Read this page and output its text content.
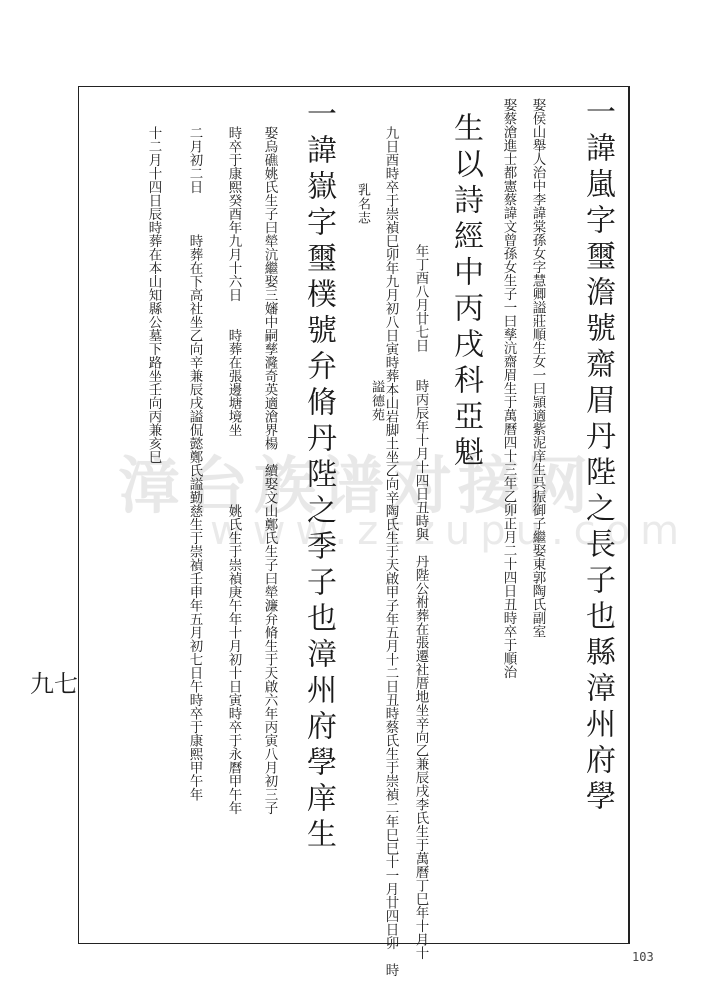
漳台族谱对接网
www.ztzupu.com
一諱嵐字璽澹號齋眉丹陛之長子也縣漳州府學
娶侯山舉人治中李諱棠孫女字慧卿謚莊順生女一曰頴適紫泥庠生呉振御子繼娶東郭陶氏副室
娶蔡滄進士都憲蔡諱文曾孫女生子一曰孳沆齋眉生于萬曆四十三年乙卯正月二十四日丑時卒于順治
生以詩經中丙戌科亞魁
年丁酉八月廿七日　　時丙辰年十月十四日丑時與　丹陛公祔葬在張遷社厝地坐辛向乙兼辰戌李氏生于萬曆丁巳年十月十
九日酉時卒于崇禎巳卯年九月初八日寅時葬本山岩脚土坐乙向辛陶氏生于天啟甲子年五月十二日丑時蔡氏生于崇禎二年巳巳十一月廿四日卯　時
乳名志
謚德苑
一諱嶽字璽樸號弁脩丹陛之季子也漳州府學庠生
娶烏礁姚氏生子曰犖沆繼娶三嬸中嗣孳漋奇英適滄界楊　續娶文山鄭氏生子曰犖濂弁脩生于天啟六年丙寅八月初三子
時卒于康熙癸酉年九月十六日　　時葬在張邊塘境坐　　　　　姚氏生于崇禎庚午年十月初十日寅時卒于永曆甲午年
二月初二日　　　時葬在下高社坐乙向辛兼辰戌謚侃懿鄭氏謚勤慈生于崇禎壬申年五月初七日午時卒于康熙甲午年
十二月十四日辰時葬在本山知縣公墓下路坐壬向丙兼亥巳
九七
103
